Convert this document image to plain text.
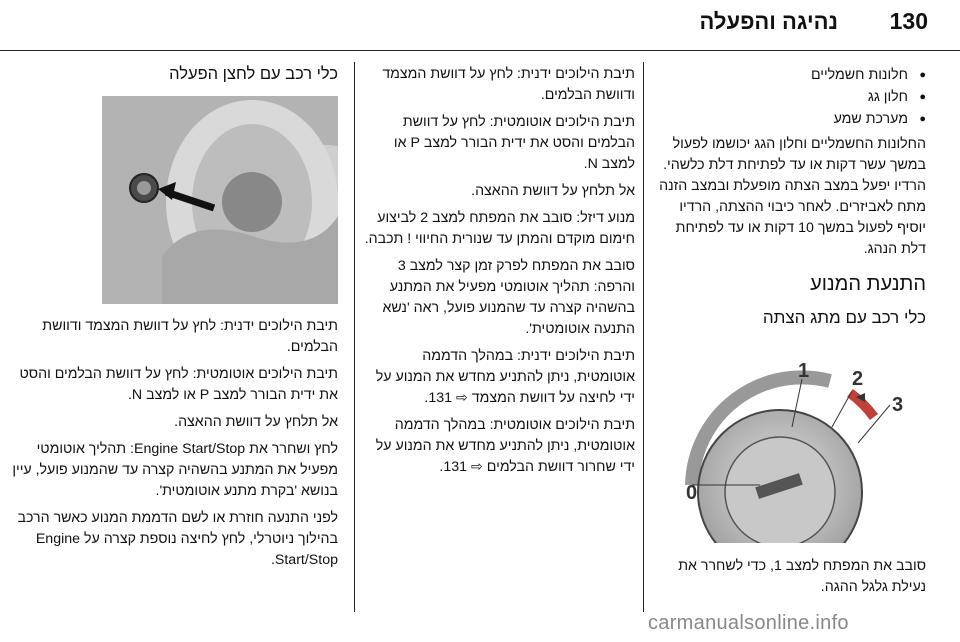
130
נהיגה והפעלה
● חלונות חשמליים
● חלון גג
● מערכת שמע

החלונות החשמליים וחלון הגג יכושמו לפעול במשך עשר דקות או עד לפתיחת דלת כלשהי. הרדיו יפעל במצב הצתה מופעלת ובמצב הזנה מתח לאביזרים. לאחר כיבוי ההצתה, הרדיו יוסיף לפעול במשך 10 דקות או עד לפתיחת דלת הנהג.

התנעת המנוע
כלי רכב עם מתג הצתה
1 2
3
0

סובב את המפתח למצב 1, כדי לשחרר את נעילת גלגל ההגה.

תיבת הילוכים ידנית: לחץ על דוושת המצמד ודוושת הבלמים.

תיבת הילוכים אוטומטית: לחץ על דוושת הבלמים והסט את ידית הבורר למצב P או למצב N.

אל תלחץ על דוושת ההאצה.

מנוע דיזל: סובב את המפתח למצב 2 לביצוע חימום מוקדם והמתן עד שנורית החיווי ! תכבה.

סובב את המפתח לפרק זמן קצר למצב 3 והרפה: תהליך אוטומטי מפעיל את המתנע בהשהיה קצרה עד שהמנוע פועל, ראה 'נשא התנעה אוטומטית'.

תיבת הילוכים ידנית: במהלך הדממה אוטומטית, ניתן להתניע מחדש את המנוע על ידי לחיצה על דוושת המצמד ⇨ 131.

תיבת הילוכים אוטומטית: במהלך הדממה אוטומטית, ניתן להתניע מחדש את המנוע על ידי שחרור דוושת הבלמים ⇨ 131.

כלי רכב עם לחצן הפעלה

תיבת הילוכים ידנית: לחץ על דוושת המצמד ודוושת הבלמים.

תיבת הילוכים אוטומטית: לחץ על דוושת הבלמים והסט את ידית הבורר למצב P או למצב N.

אל תלחץ על דוושת ההאצה.

לחץ ושחרר את Engine Start/Stop: תהליך אוטומטי מפעיל את המתנע בהשהיה קצרה עד שהמנוע פועל, עיין בנושא 'בקרת מתנע אוטומטית'.

לפני התנעה חוזרת או לשם הדממת המנוע כאשר הרכב בהילוך ניוטרלי, לחץ לחיצה נוספת קצרה על Engine Start/Stop.

carmanualsonline.info
